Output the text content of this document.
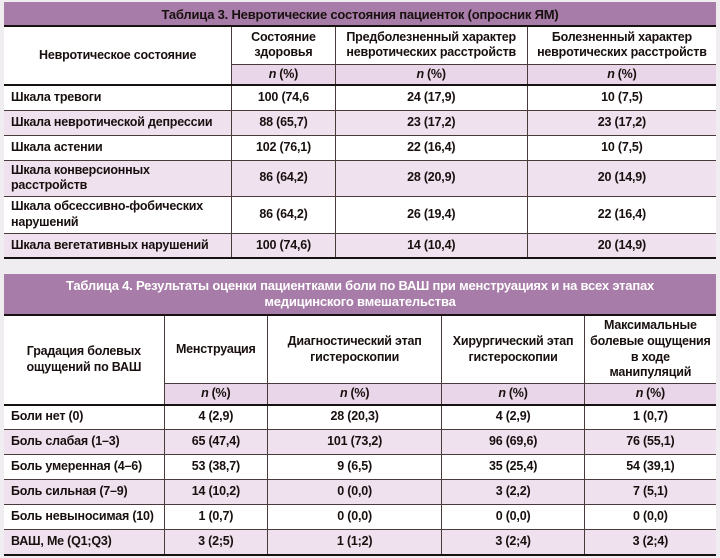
Таблица 3. Невротические состояния пациенток (опросник ЯМ)
Невротическое состояние	Состояние здоровья	Предболезненный характер невротических расстройств	Болезненный характер невротических расстройств
	n (%)	n (%)	n (%)
Шкала тревоги	100 (74,6	24 (17,9)	10 (7,5)
Шкала невротической депрессии	88 (65,7)	23 (17,2)	23 (17,2)
Шкала астении	102 (76,1)	22 (16,4)	10 (7,5)
Шкала конверсионных расстройств	86 (64,2)	28 (20,9)	20 (14,9)
Шкала обсессивно-фобических нарушений	86 (64,2)	26 (19,4)	22 (16,4)
Шкала вегетативных нарушений	100 (74,6)	14 (10,4)	20 (14,9)
Таблица 4. Результаты оценки пациентками боли по ВАШ при менструациях и на всех этапах медицинского вмешательства
Градация болевых ощущений по ВАШ	Менструация	Диагностический этап гистероскопии	Хирургический этап гистероскопии	Максимальные болевые ощущения в ходе манипуляций
	n (%)	n (%)	n (%)	n (%)
Боли нет (0)	4 (2,9)	28 (20,3)	4 (2,9)	1 (0,7)
Боль слабая (1–3)	65 (47,4)	101 (73,2)	96 (69,6)	76 (55,1)
Боль умеренная (4–6)	53 (38,7)	9 (6,5)	35 (25,4)	54 (39,1)
Боль сильная (7–9)	14 (10,2)	0 (0,0)	3 (2,2)	7 (5,1)
Боль невыносимая (10)	1 (0,7)	0 (0,0)	0 (0,0)	0 (0,0)
ВАШ, Ме (Q1;Q3)	3 (2;5)	1 (1;2)	3 (2;4)	3 (2;4)
